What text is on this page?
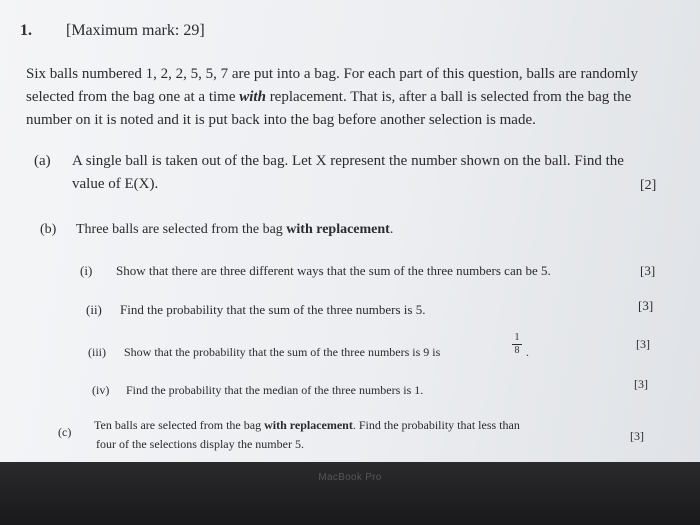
1. [Maximum mark: 29]
Six balls numbered 1, 2, 2, 5, 5, 7 are put into a bag. For each part of this question, balls are randomly
selected from the bag one at a time with replacement. That is, after a ball is selected from the bag the
number on it is noted and it is put back into the bag before another selection is made.
(a) A single ball is taken out of the bag. Let X represent the number shown on the ball. Find the
value of E(X).	[2]
(b) Three balls are selected from the bag with replacement.
(i) Show that there are three different ways that the sum of the three numbers can be 5.	[3]
(ii) Find the probability that the sum of the three numbers is 5.	[3]
(iii) Show that the probability that the sum of the three numbers is 9 is
1
8 .
[3]
(iv) Find the probability that the median of the three numbers is 1.	[3]
(c) Ten balls are selected from the bag with replacement. Find the probability that less than
four of the selections display the number 5.
[3]
MacBook Pro
